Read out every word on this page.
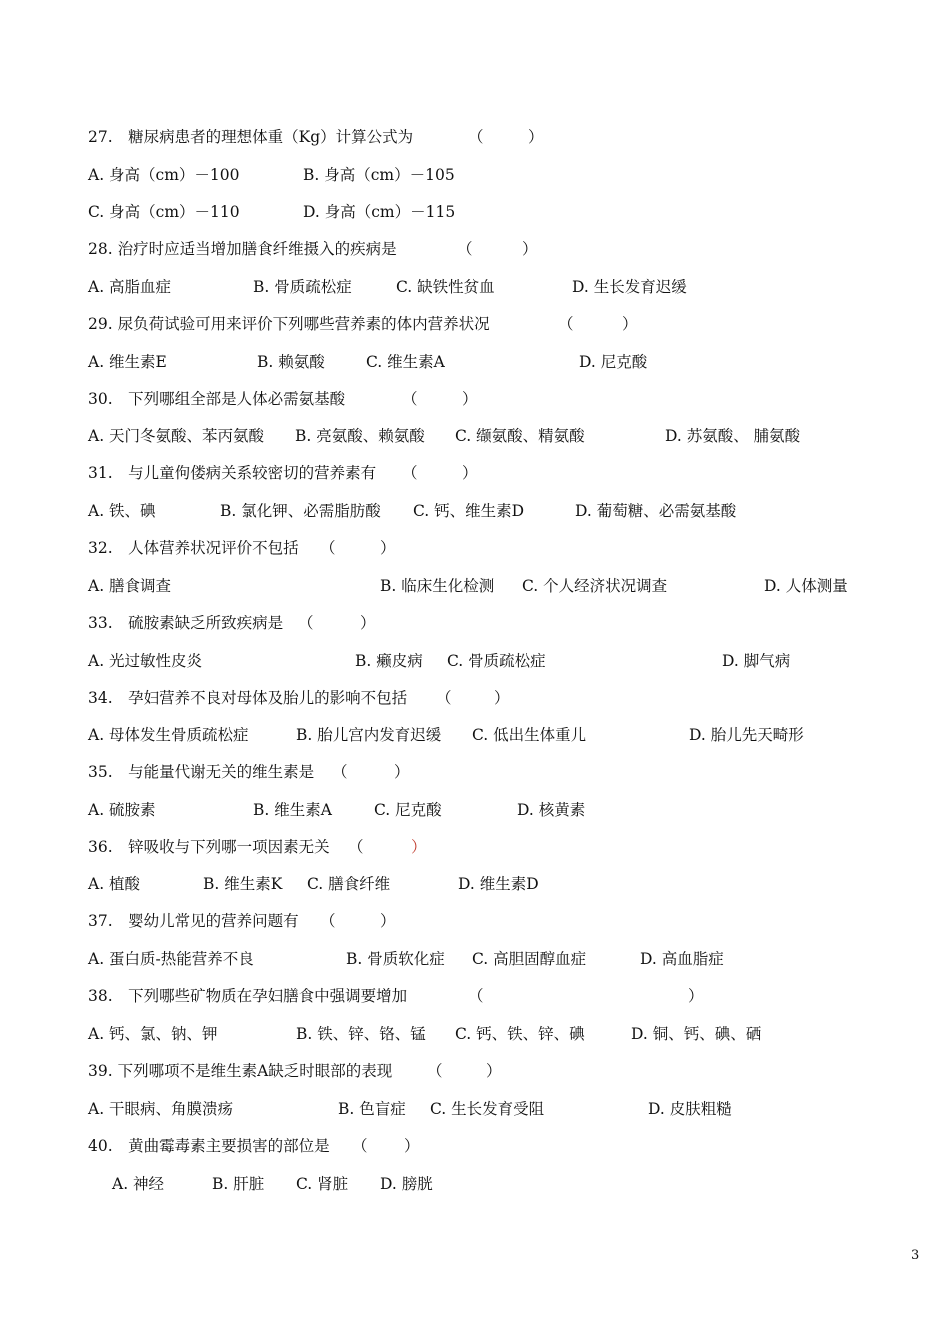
27.　糖尿病患者的理想体重（Kg）计算公式为	（	）
A. 身高（cm）－100	B. 身高（cm）－105
C. 身高（cm）－110	D. 身高（cm）－115
28. 治疗时应适当增加膳食纤维摄入的疾病是	（	）
A. 高脂血症	B. 骨质疏松症	C. 缺铁性贫血	D. 生长发育迟缓
29. 尿负荷试验可用来评价下列哪些营养素的体内营养状况	（	）
A. 维生素E	B. 赖氨酸	C. 维生素A	D. 尼克酸
30.　下列哪组全部是人体必需氨基酸	（	）
A. 天门冬氨酸、苯丙氨酸 B. 亮氨酸、赖氨酸 C. 缬氨酸、精氨酸	D. 苏氨酸、 脯氨酸
31.　与儿童佝偻病关系较密切的营养素有 （	）
A. 铁、碘	B. 氯化钾、必需脂肪酸 C. 钙、维生素D	D. 葡萄糖、必需氨基酸
32.　人体营养状况评价不包括 （	）
A. 膳食调查	B. 临床生化检测 C. 个人经济状况调查	D. 人体测量
33.　硫胺素缺乏所致疾病是 （	）
A. 光过敏性皮炎	B. 癞皮病 C. 骨质疏松症	D. 脚气病
34.　孕妇营养不良对母体及胎儿的影响不包括 （	）
A. 母体发生骨质疏松症	B. 胎儿宫内发育迟缓 C. 低出生体重儿	D. 胎儿先天畸形
35.　与能量代谢无关的维生素是 （	）
A. 硫胺素	B. 维生素A	C. 尼克酸	D. 核黄素
36.　锌吸收与下列哪一项因素无关 （	）
A. 植酸	B. 维生素K C. 膳食纤维	D. 维生素D
37.　婴幼儿常见的营养问题有 （	）
A. 蛋白质-热能营养不良	B. 骨质软化症 C. 高胆固醇血症	D. 高血脂症
38.　下列哪些矿物质在孕妇膳食中强调要增加	（	）
A. 钙、氯、钠、钾	B. 铁、锌、铬、锰 C. 钙、铁、锌、碘	D. 铜、钙、碘、硒
39. 下列哪项不是维生素A缺乏时眼部的表现 （	）
A. 干眼病、角膜溃疡	B. 色盲症 C. 生长发育受阻	D. 皮肤粗糙
40.　黄曲霉毒素主要损害的部位是 （ ）
A. 神经	B. 肝脏 C. 肾脏 D. 膀胱
3
